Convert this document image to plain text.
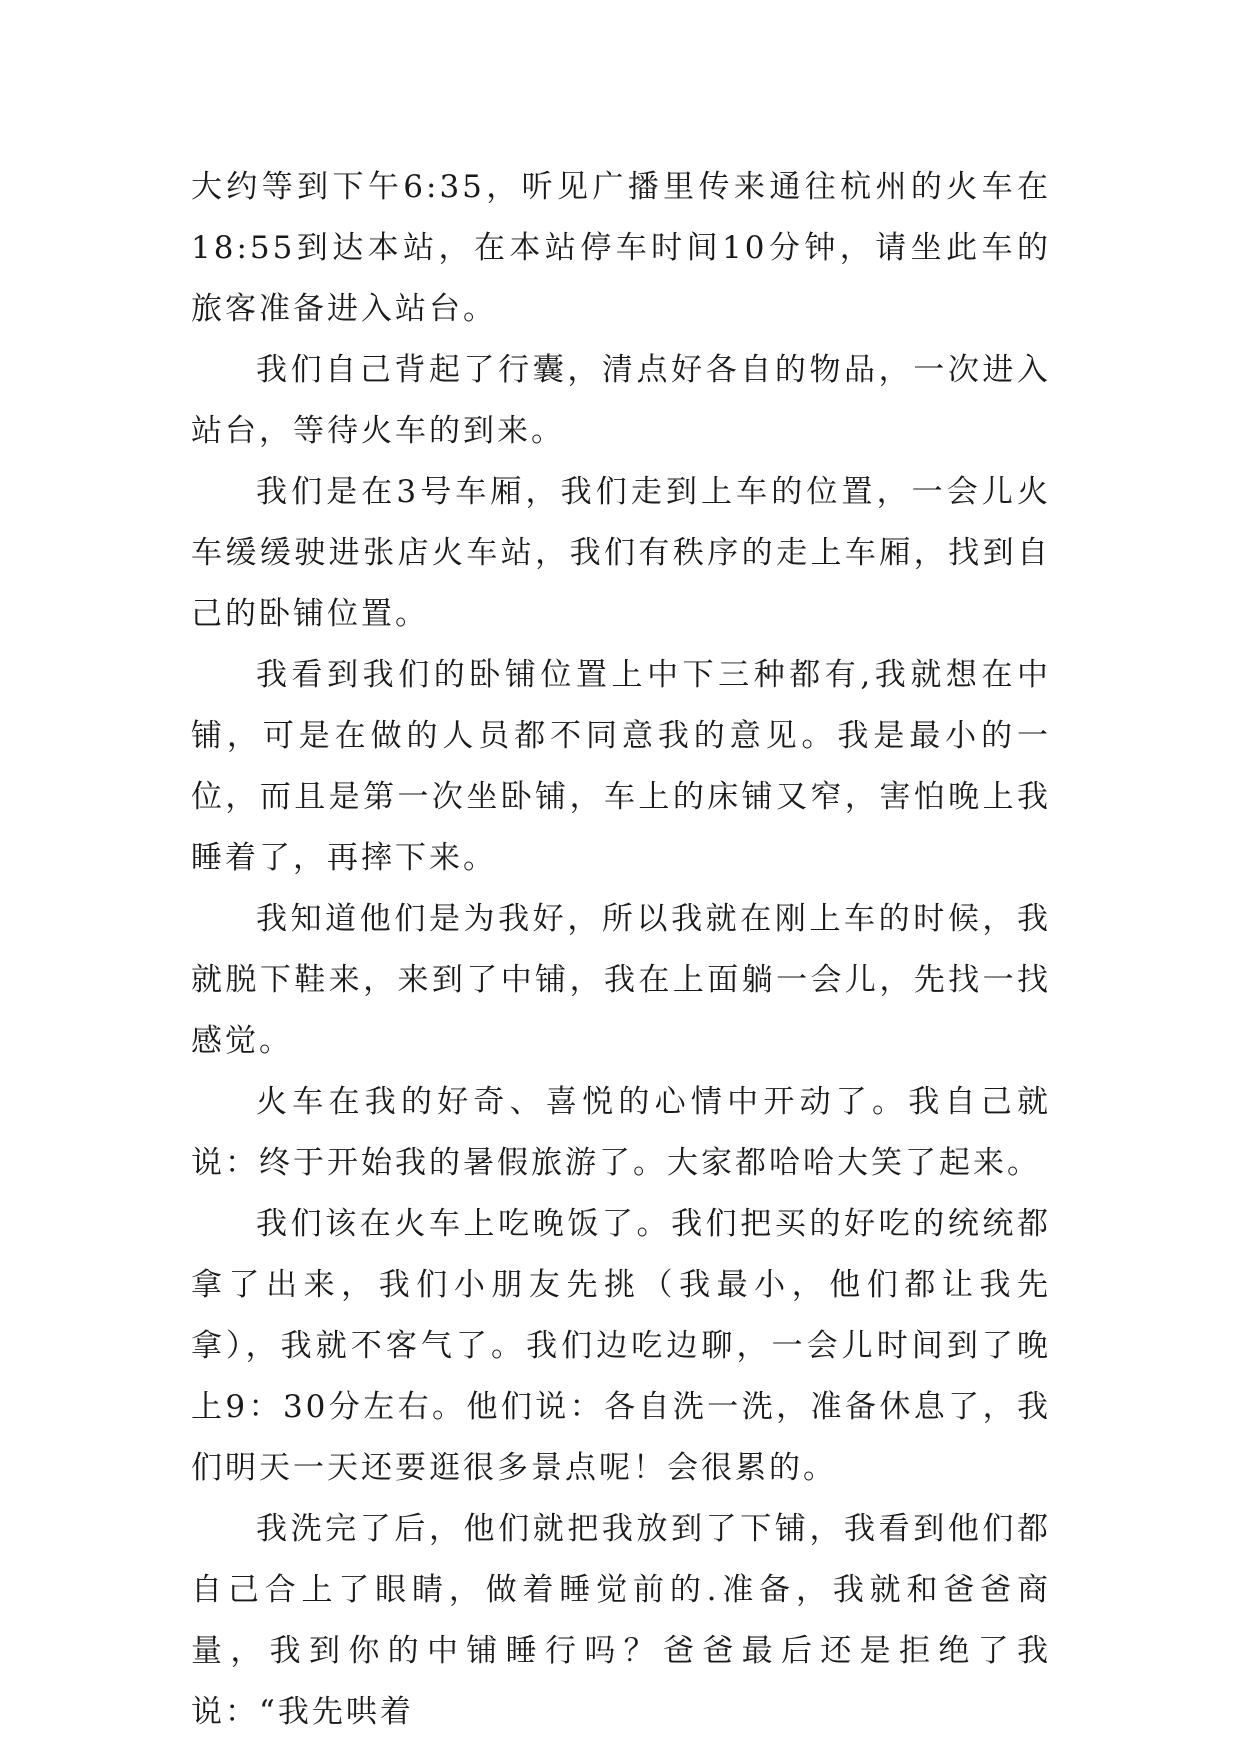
大约等到下午6:35，听见广播里传来通往杭州的火车在18:55到达本站，在本站停车时间10分钟，请坐此车的旅客准备进入站台。

我们自己背起了行囊，清点好各自的物品，一次进入站台，等待火车的到来。

我们是在3号车厢，我们走到上车的位置，一会儿火车缓缓驶进张店火车站，我们有秩序的走上车厢，找到自己的卧铺位置。

我看到我们的卧铺位置上中下三种都有,我就想在中铺，可是在做的人员都不同意我的意见。我是最小的一位，而且是第一次坐卧铺，车上的床铺又窄，害怕晚上我睡着了，再摔下来。

我知道他们是为我好，所以我就在刚上车的时候，我就脱下鞋来，来到了中铺，我在上面躺一会儿，先找一找感觉。

火车在我的好奇、喜悦的心情中开动了。我自己就说：终于开始我的暑假旅游了。大家都哈哈大笑了起来。

我们该在火车上吃晚饭了。我们把买的好吃的统统都拿了出来，我们小朋友先挑（我最小，他们都让我先拿），我就不客气了。我们边吃边聊，一会儿时间到了晚上9：30分左右。他们说：各自洗一洗，准备休息了，我们明天一天还要逛很多景点呢！会很累的。

我洗完了后，他们就把我放到了下铺，我看到他们都自己合上了眼睛，做着睡觉前的.准备，我就和爸爸商量，我到你的中铺睡行吗？爸爸最后还是拒绝了我说：“我先哄着
